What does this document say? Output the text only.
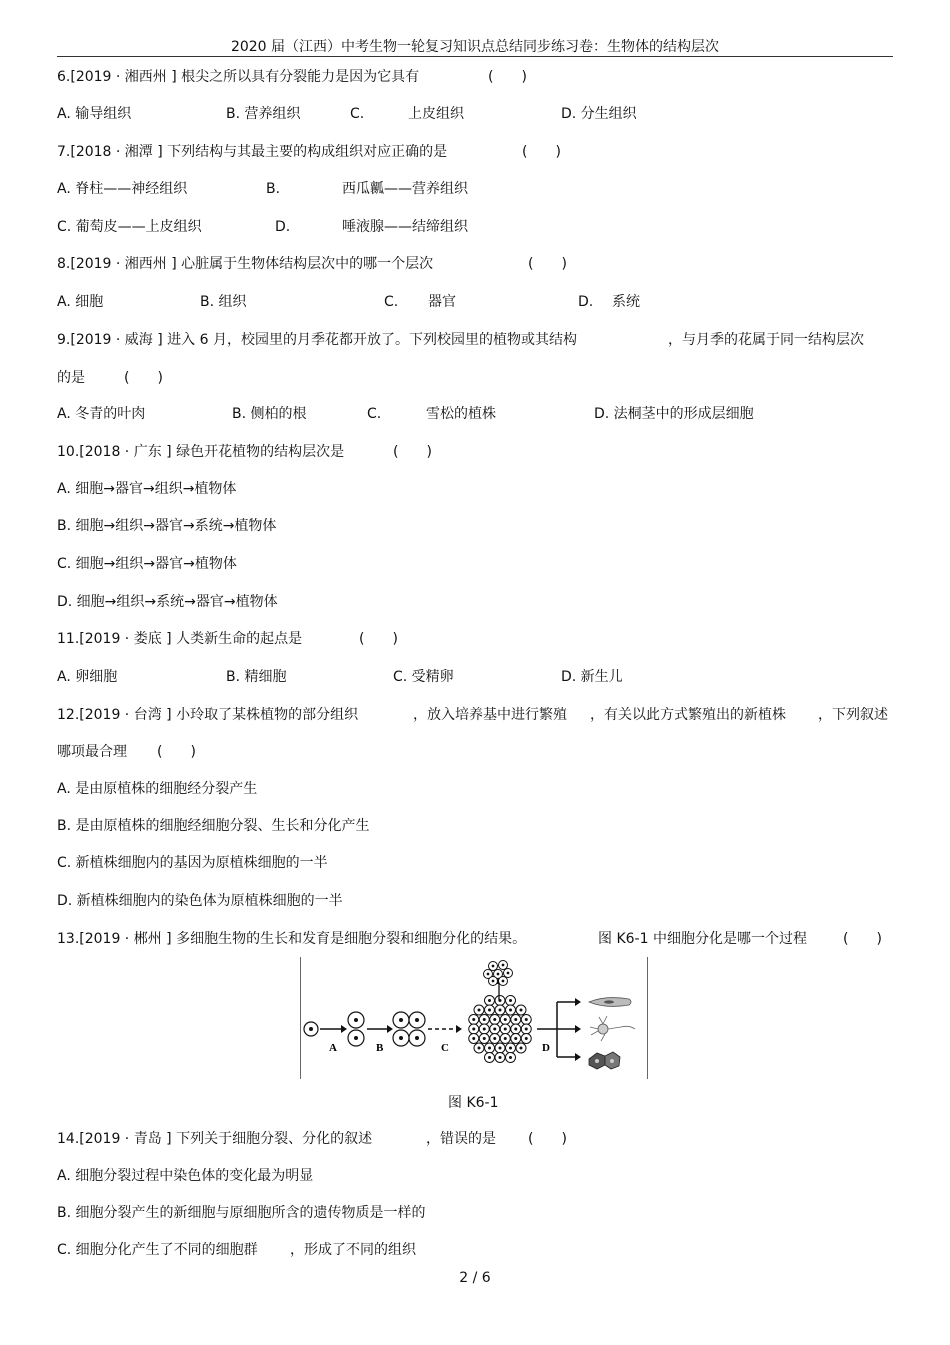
2020 届（江西）中考生物一轮复习知识点总结同步练习卷：生物体的结构层次
6.[2019 · 湘西州 ] 根尖之所以具有分裂能力是因为它具有	(　　)
A. 输导组织	B. 营养组织	C.	上皮组织	D. 分生组织
7.[2018 · 湘潭 ] 下列结构与其最主要的构成组织对应正确的是	(　　)
A. 脊柱——神经组织	B.	西瓜瓤——营养组织
C. 葡萄皮——上皮组织	D.	唾液腺——结缔组织
8.[2019 · 湘西州 ] 心脏属于生物体结构层次中的哪一个层次	(　　)
A. 细胞	B. 组织	C. 器官	D. 系统
9.[2019 · 威海 ] 进入 6 月，校园里的月季花都开放了。下列校园里的植物或其结构	，与月季的花属于同一结构层次
的是	(　　)
A. 冬青的叶肉	B. 侧柏的根	C.	雪松的植株	D. 法桐茎中的形成层细胞
10.[2018 · 广东 ] 绿色开花植物的结构层次是	(　　)
A. 细胞→器官→组织→植物体
B. 细胞→组织→器官→系统→植物体
C. 细胞→组织→器官→植物体
D. 细胞→组织→系统→器官→植物体
11.[2019 · 娄底 ] 人类新生命的起点是	(　　)
A. 卵细胞	B. 精细胞	C. 受精卵	D. 新生儿
12.[2019 · 台湾 ] 小玲取了某株植物的部分组织	，放入培养基中进行繁殖 ，有关以此方式繁殖出的新植株 ，下列叙述
哪项最合理 (　　)
A. 是由原植株的细胞经分裂产生
B. 是由原植株的细胞经细胞分裂、生长和分化产生
C. 新植株细胞内的基因为原植株细胞的一半
D. 新植株细胞内的染色体为原植株细胞的一半
13.[2019 · 郴州 ] 多细胞生物的生长和发育是细胞分裂和细胞分化的结果。	图 K6-1 中细胞分化是哪一个过程	(　　)
14.[2019 · 青岛 ] 下列关于细胞分裂、分化的叙述	，错误的是 (　　)
A. 细胞分裂过程中染色体的变化最为明显
B. 细胞分裂产生的新细胞与原细胞所含的遗传物质是一样的
C. 细胞分化产生了不同的细胞群 ，形成了不同的组织
A	B	C	D
图 K6-1
2 / 6
